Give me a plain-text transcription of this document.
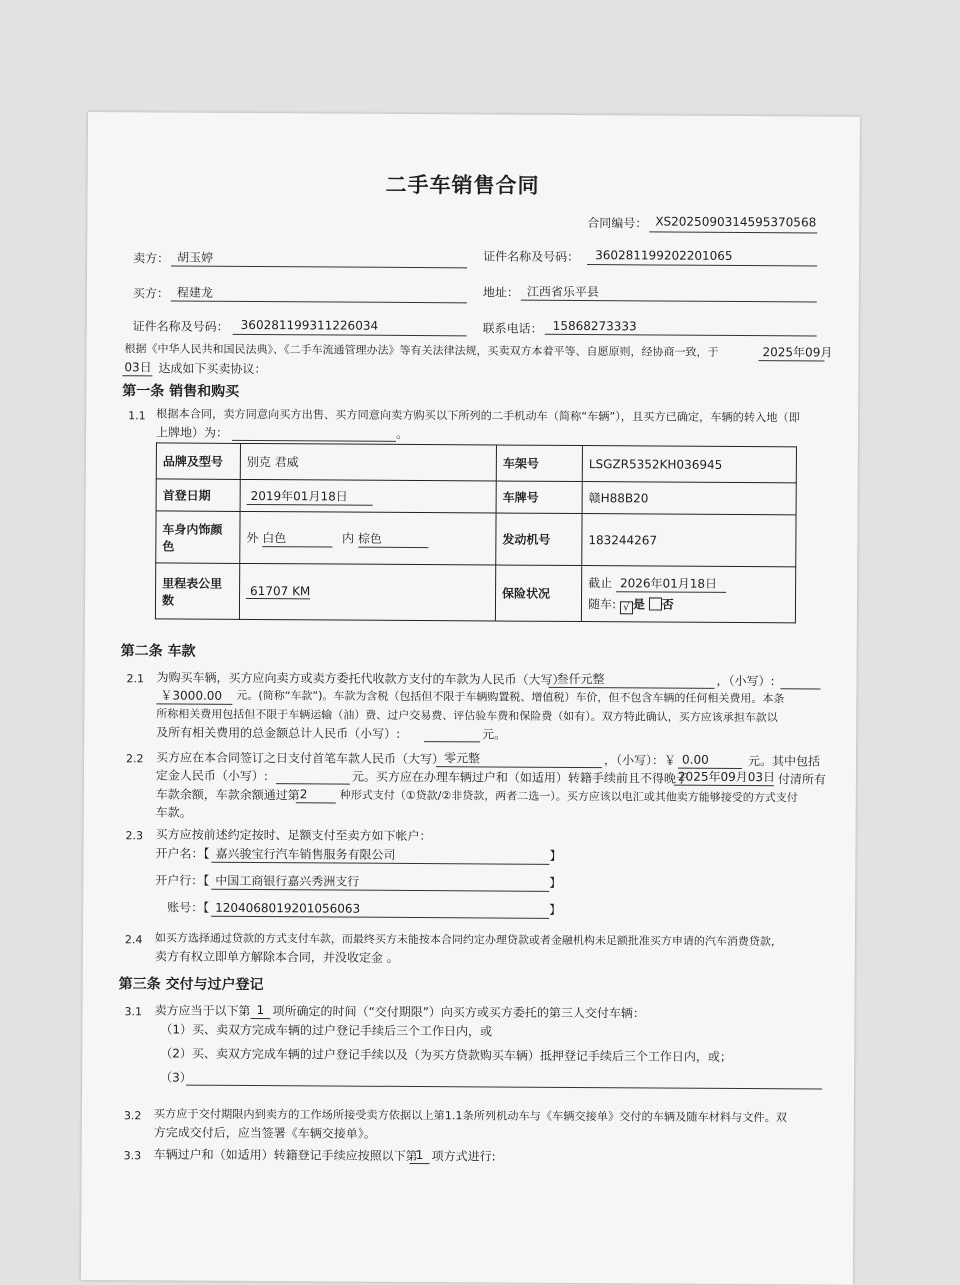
二手车销售合同
合同编号： XS2025090314595370568
卖方： 胡玉婷	证件名称及号码： 360281199202201065
买方： 程建龙	地址： 江西省乐平县
证件名称及号码： 360281199311226034	联系电话： 15868273333
根据《中华人民共和国民法典》、《二手车流通管理办法》等有关法律法规，买卖双方本着平等、自愿原则，经协商一致，于	2025年09月
03日 达成如下买卖协议：
第一条 销售和购买
1.1 根据本合同，卖方同意向买方出售、买方同意向卖方购买以下所列的二手机动车（简称“车辆”），且买方已确定，车辆的转入地（即
上牌地）为：	。
品牌及型号	别克 君威	车架号	LSGZR5352KH036945
首登日期	2019年01月18日	车牌号	赣H88B20
车身内饰颜色	外 白色 内 棕色	发动机号	183244267
里程表公里数	61707 KM	保险状况	截止 2026年01月18日
随车: √ 是 否
第二条 车款
2.1 为购买车辆，买方应向卖方或卖方委托代收款方支付的车款为人民币（大写）
叁仟元整	，（小写）:
￥ 3000.00 元。(简称“车款”)。车款为含税（包括但不限于车辆购置税、增值税）车价，但不包含车辆的任何相关费用。本条
所称相关费用包括但不限于车辆运输（油）费、过户交易费、评估验车费和保险费（如有）。双方特此确认，买方应该承担车款以
及所有相关费用的总金额总计人民币（小写）:	元。
2.2 买方应在本合同签订之日支付首笔车款人民币（大写） 零元整	，（小写）：￥ 0.00	元。其中包括
定金人民币（小写）:	元。买方应在办理车辆过户和（如适用）转籍手续前且不得晚于
2025年09月03日 付清所有
车款余额，车款余额通过第 2	种形式支付（①贷款/②非贷款，两者二选一）。买方应该以电汇或其他卖方能够接受的方式支付
车款。
2.3 买方应按前述约定按时、足额支付至卖方如下帐户：
开户名：【 嘉兴骏宝行汽车销售服务有限公司	】
开户行：【 中国工商银行嘉兴秀洲支行	】
账号：【 1204068019201056063	】
2.4 如买方选择通过贷款的方式支付车款，而最终买方未能按本合同约定办理贷款或者金融机构未足额批准买方申请的汽车消费贷款，
卖方有权立即单方解除本合同，并没收定金 。
第三条 交付与过户登记
3.1 卖方应当于以下第 1 项所确定的时间（“交付期限”）向买方或买方委托的第三人交付车辆：
（1）买、卖双方完成车辆的过户登记手续后三个工作日内，或
（2）买、卖双方完成车辆的过户登记手续以及（为买方贷款购买车辆）抵押登记手续后三个工作日内，或；
（3）
3.2 买方应于交付期限内到卖方的工作场所接受卖方依据以上第1.1条所列机动车与《车辆交接单》交付的车辆及随车材料与文件。双
方完成交付后，应当签署《车辆交接单》。
3.3 车辆过户和（如适用）转籍登记手续应按照以下第
1 项方式进行:
